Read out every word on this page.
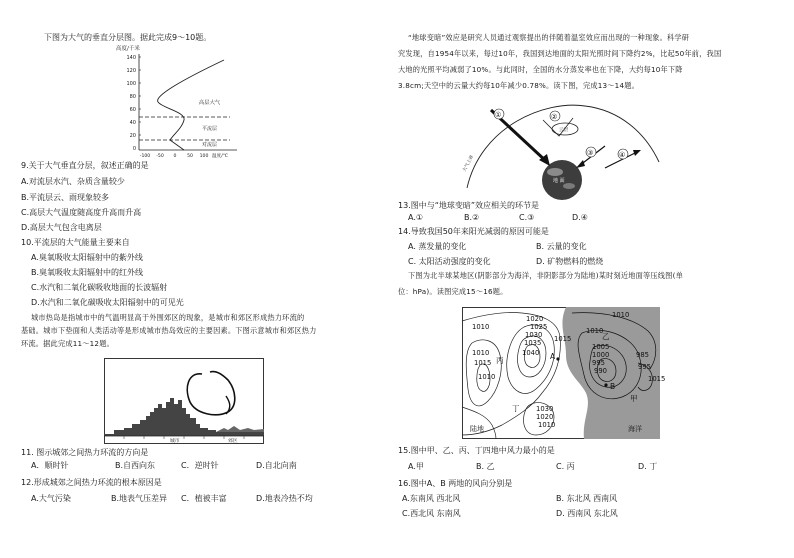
下图为大气的垂直分层图。据此完成9～10题。
高度/千米
140
120
100
80
60
40
20
0
-100 -50 0 50 100 温度/℃
高层大气
平流层
对流层
9.关于大气垂直分层，叙述正确的是
A.对流层水汽、杂质含量较少
B.平流层云、雨现象较多
C.高层大气温度随高度升高而升高
D.高层大气包含电离层
10.平流层的大气能量主要来自
A.臭氧吸收太阳辐射中的紫外线
B.臭氧吸收太阳辐射中的红外线
C.水汽和二氧化碳吸收地面的长波辐射
D.水汽和二氧化碳吸收太阳辐射中的可见光
城市热岛是指城市中的气温明显高于外围郊区的现象，是城市和郊区形成热力环流的
基础。城市下垫面和人类活动等是形成城市热岛效应的主要因素。下图示意城市和郊区热力
环流。据此完成11～12题。
城市	郊区
11. 图示城郊之间热力环流的方向是
A．顺时针	B.自西向东	C．逆时针	D.自北向南
12.形成城郊之间热力环流的根本原因是
A.大气污染	B.地表气压差异 C．植被丰富	D.地表冷热不均
“地球变暗”效应是研究人员通过观察提出的伴随着温室效应而出现的一种现象。科学研
究发现，自1954年以来，每过10年，我国到达地面的太阳光照时间下降约2%，比起50年前，我国
大地的光照平均减弱了10%。与此同时，全国的水分蒸发率也在下降，大约每10年下降
3.8cm;天空中的云量大约每10年减少0.78%。读下图，完成13～14题。
大气上界
地 面
云层
①	②
③	④
13.图中与“地球变暗”效应相关的环节是
A.①	B.②	C.③	D.④
14.导致我国50年来阳光减弱的原因可能是
A. 蒸发量的变化	B. 云量的变化
C. 太阳活动强度的变化	D. 矿物燃料的燃烧
下图为北半球某地区(阴影部分为海洋，非阴影部分为陆地)某时刻近地面等压线图(单
位：hPa)。读图完成15～16题。
1010
1020
1025
1030
1035
1040
1010
1015
1010
1015
1010
1005
1000
995
990
985
995
1010
1030
1020
1010
1015
A
B
丙
乙
丁
甲
陆地	海洋
15.图中甲、乙、丙、丁四地中风力最小的是
A.甲	B. 乙	C. 丙	D. 丁
16.图中A、B 两地的风向分别是
A.东南风 西北风	B. 东北风 西南风
C.西北风 东南风	D. 西南风 东北风
